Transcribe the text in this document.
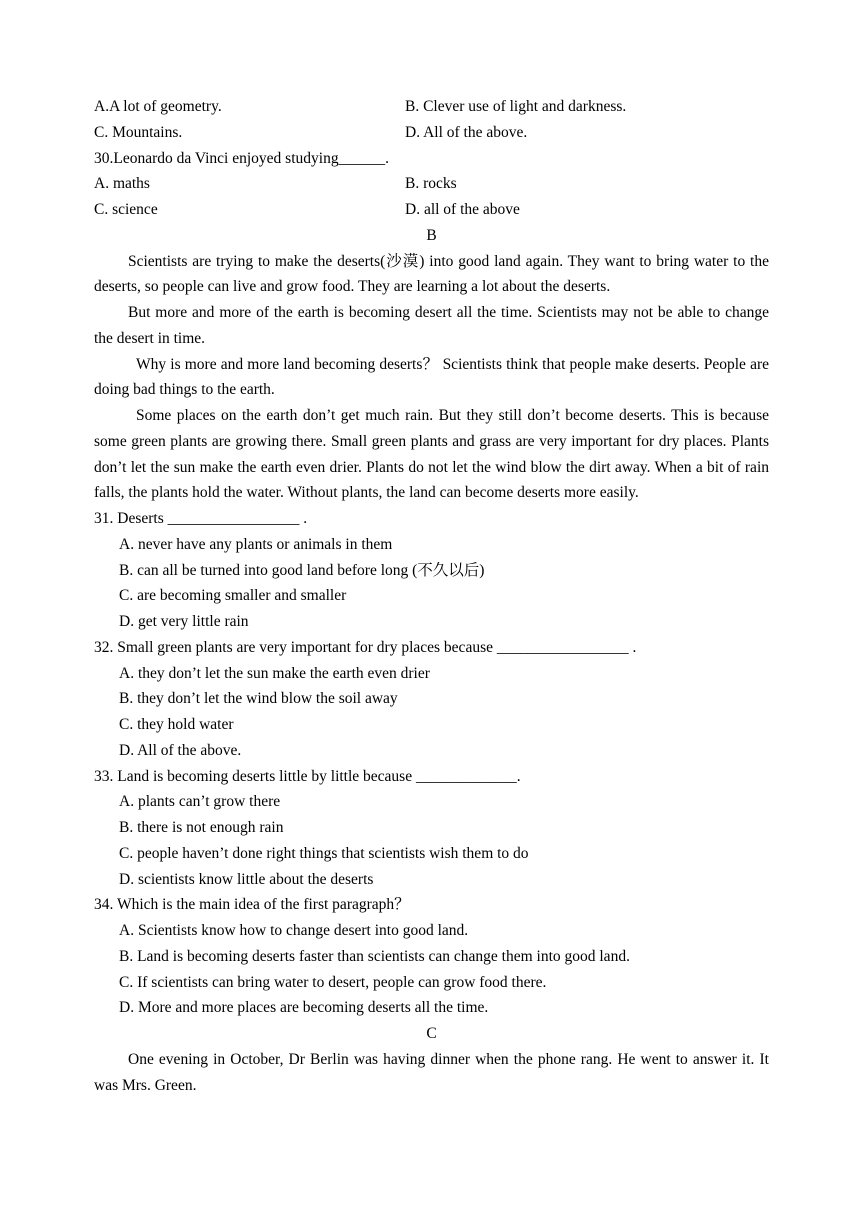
A.A lot of geometry.	B. Clever use of light and darkness.
C. Mountains.	D. All of the above.
30.Leonardo da Vinci enjoyed studying______.
A. maths	B. rocks
C. science	D. all of the above
B
Scientists are trying to make the deserts(沙漠) into good land again. They want to bring water to the deserts, so people can live and grow food. They are learning a lot about the deserts.
But more and more of the earth is becoming desert all the time. Scientists may not be able to change the desert in time.
Why is more and more land becoming deserts？ Scientists think that people make deserts. People are doing bad things to the earth.
Some places on the earth don’t get much rain. But they still don’t become deserts. This is because some green plants are growing there. Small green plants and grass are very important for dry places. Plants don’t let the sun make the earth even drier. Plants do not let the wind blow the dirt away. When a bit of rain falls, the plants hold the water. Without plants, the land can become deserts more easily.
31. Deserts _________________ .
A. never have any plants or animals in them
B. can all be turned into good land before long (不久以后)
C. are becoming smaller and smaller
D. get very little rain
32. Small green plants are very important for dry places because _________________ .
A. they don’t let the sun make the earth even drier
B. they don’t let the wind blow the soil away
C. they hold water
D. All of the above.
33. Land is becoming deserts little by little because _____________.
A. plants can’t grow there
B. there is not enough rain
C. people haven’t done right things that scientists wish them to do
D. scientists know little about the deserts
34. Which is the main idea of the first paragraph？
A. Scientists know how to change desert into good land.
B. Land is becoming deserts faster than scientists can change them into good land.
C. If scientists can bring water to desert, people can grow food there.
D. More and more places are becoming deserts all the time.
C
One evening in October, Dr Berlin was having dinner when the phone rang. He went to answer it. It was Mrs. Green.
